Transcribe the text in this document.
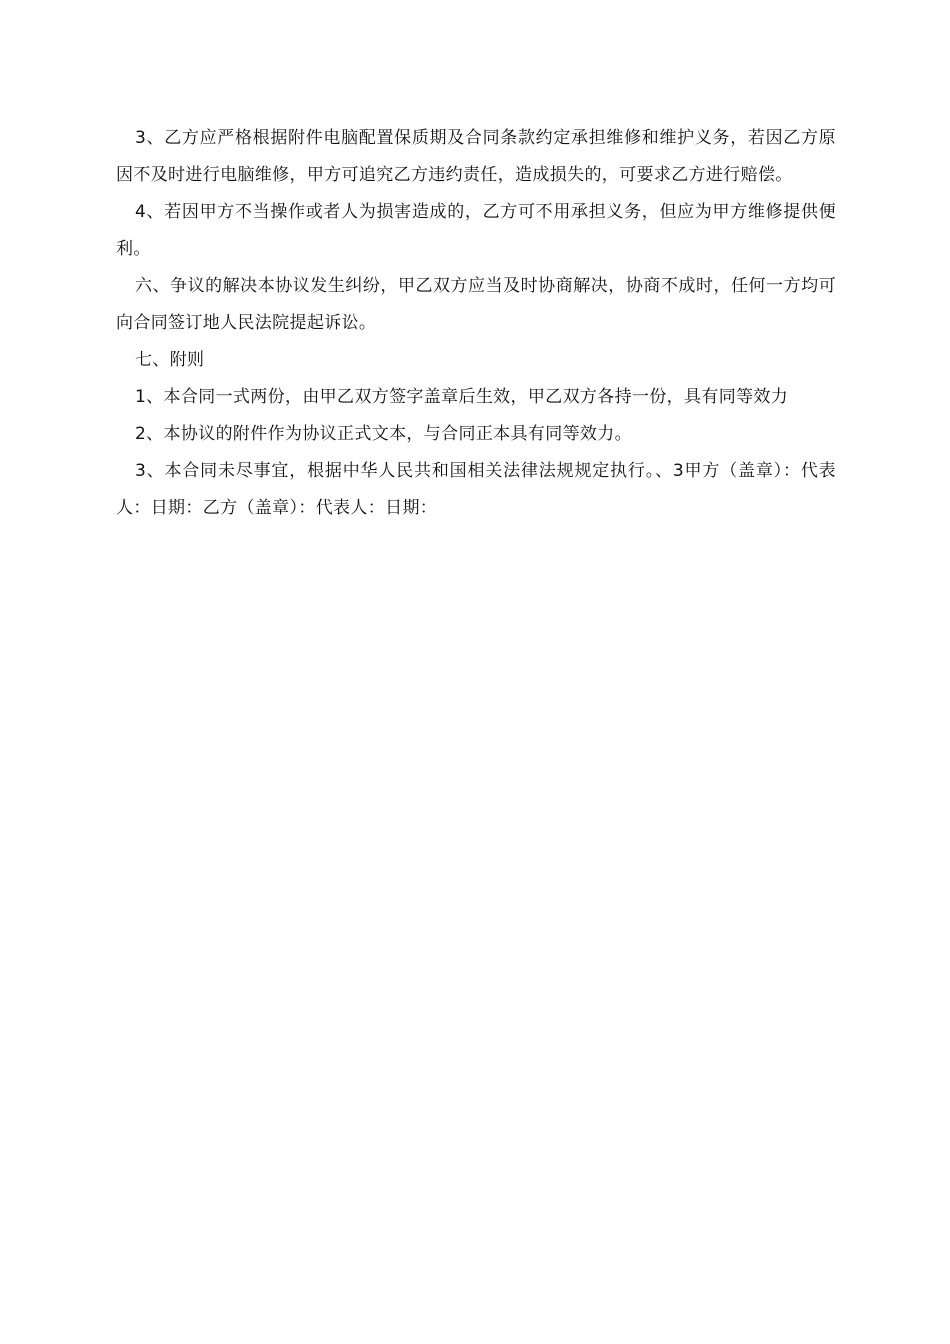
3、乙方应严格根据附件电脑配置保质期及合同条款约定承担维修和维护义务，若因乙方原因不及时进行电脑维修，甲方可追究乙方违约责任，造成损失的，可要求乙方进行赔偿。

4、若因甲方不当操作或者人为损害造成的，乙方可不用承担义务，但应为甲方维修提供便利。

六、争议的解决本协议发生纠纷，甲乙双方应当及时协商解决，协商不成时，任何一方均可向合同签订地人民法院提起诉讼。

七、附则

1、本合同一式两份，由甲乙双方签字盖章后生效，甲乙双方各持一份，具有同等效力

2、本协议的附件作为协议正式文本，与合同正本具有同等效力。

3、本合同未尽事宜，根据中华人民共和国相关法律法规规定执行。、3甲方（盖章）：代表人：日期：乙方（盖章）：代表人：日期：
